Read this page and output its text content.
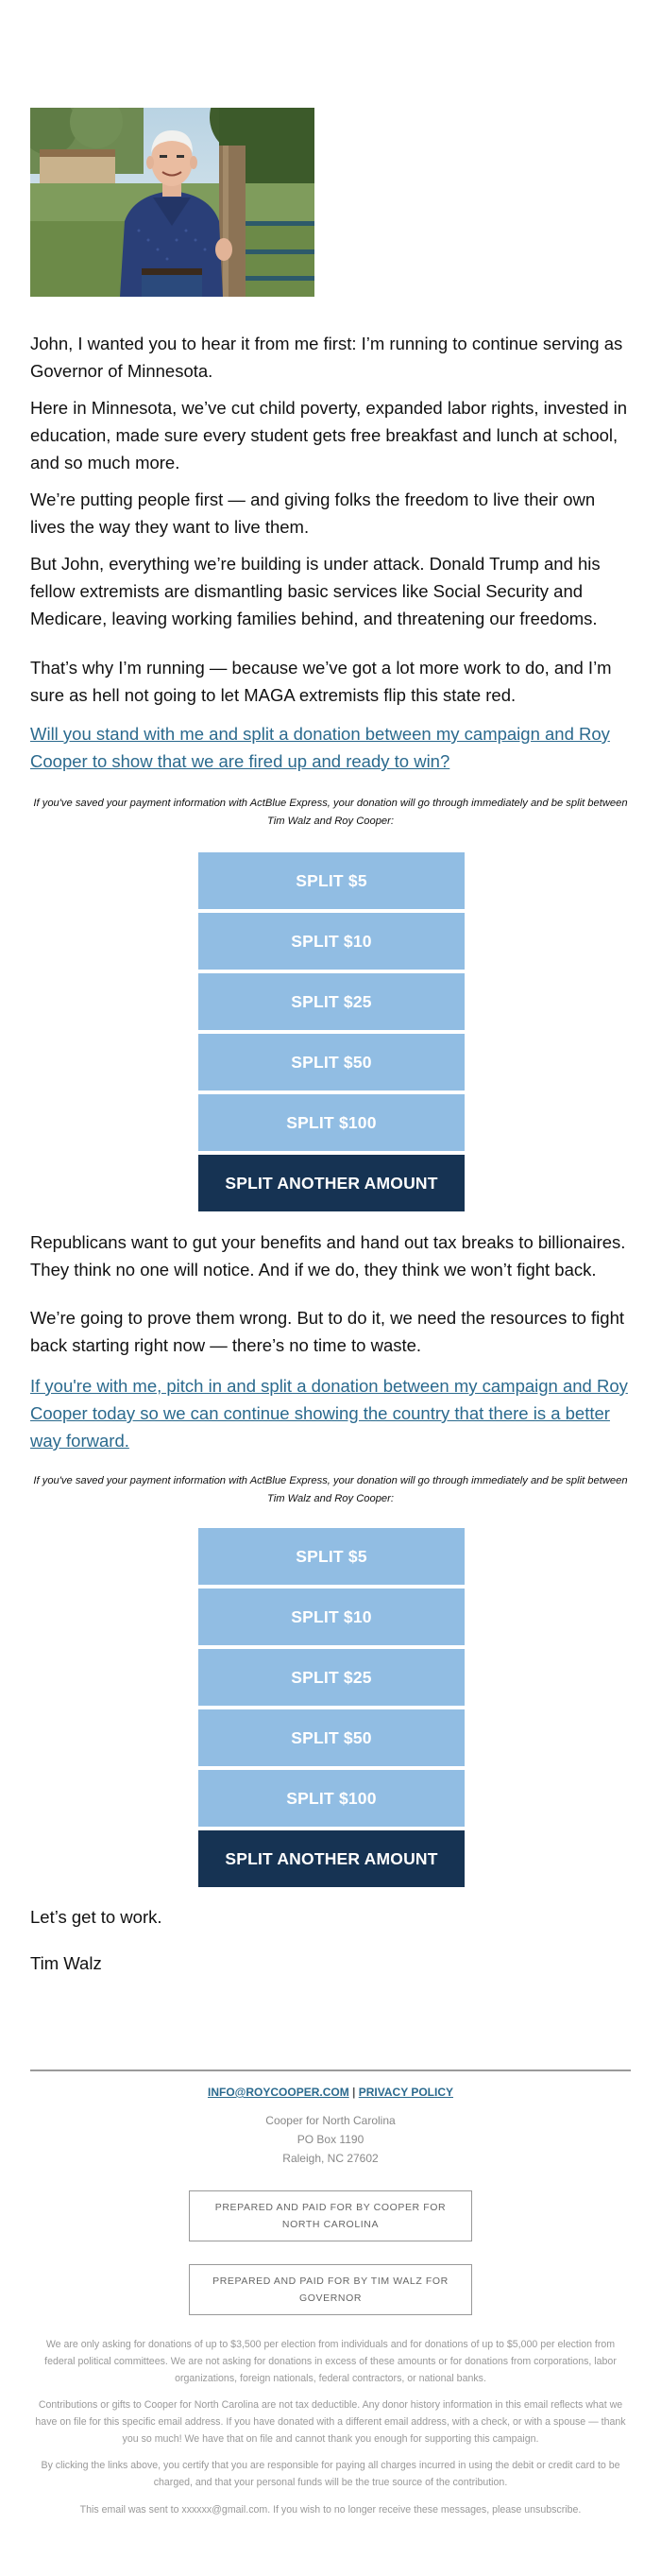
John, I wanted you to hear it from me first: I’m running to continue serving as Governor of Minnesota.

Here in Minnesota, we’ve cut child poverty, expanded labor rights, invested in education, made sure every student gets free breakfast and lunch at school, and so much more.

We’re putting people first — and giving folks the freedom to live their own lives the way they want to live them.

But John, everything we’re building is under attack. Donald Trump and his fellow extremists are dismantling basic services like Social Security and Medicare, leaving working families behind, and threatening our freedoms.

That’s why I’m running — because we’ve got a lot more work to do, and I’m sure as hell not going to let MAGA extremists flip this state red.

Will you stand with me and split a donation between my campaign and Roy Cooper to show that we are fired up and ready to win?

If you've saved your payment information with ActBlue Express, your donation will go through immediately and be split between Tim Walz and Roy Cooper:

SPLIT $5
SPLIT $10
SPLIT $25
SPLIT $50
SPLIT $100
SPLIT ANOTHER AMOUNT

Republicans want to gut your benefits and hand out tax breaks to billionaires. They think no one will notice. And if we do, they think we won’t fight back.

We’re going to prove them wrong. But to do it, we need the resources to fight back starting right now — there’s no time to waste.

If you're with me, pitch in and split a donation between my campaign and Roy Cooper today so we can continue showing the country that there is a better way forward.

If you've saved your payment information with ActBlue Express, your donation will go through immediately and be split between Tim Walz and Roy Cooper:

SPLIT $5
SPLIT $10
SPLIT $25
SPLIT $50
SPLIT $100
SPLIT ANOTHER AMOUNT

Let’s get to work.

Tim Walz

INFO@ROYCOOPER.COM | PRIVACY POLICY
Cooper for North Carolina
PO Box 1190
Raleigh, NC 27602
PREPARED AND PAID FOR BY COOPER FOR NORTH CAROLINA
PREPARED AND PAID FOR BY TIM WALZ FOR GOVERNOR

We are only asking for donations of up to $3,500 per election from individuals and for donations of up to $5,000 per election from federal political committees. We are not asking for donations in excess of these amounts or for donations from corporations, labor organizations, foreign nationals, federal contractors, or national banks.

Contributions or gifts to Cooper for North Carolina are not tax deductible. Any donor history information in this email reflects what we have on file for this specific email address. If you have donated with a different email address, with a check, or with a spouse — thank you so much! We have that on file and cannot thank you enough for supporting this campaign.

By clicking the links above, you certify that you are responsible for paying all charges incurred in using the debit or credit card to be charged, and that your personal funds will be the true source of the contribution.

This email was sent to xxxxxx@gmail.com. If you wish to no longer receive these messages, please unsubscribe.
